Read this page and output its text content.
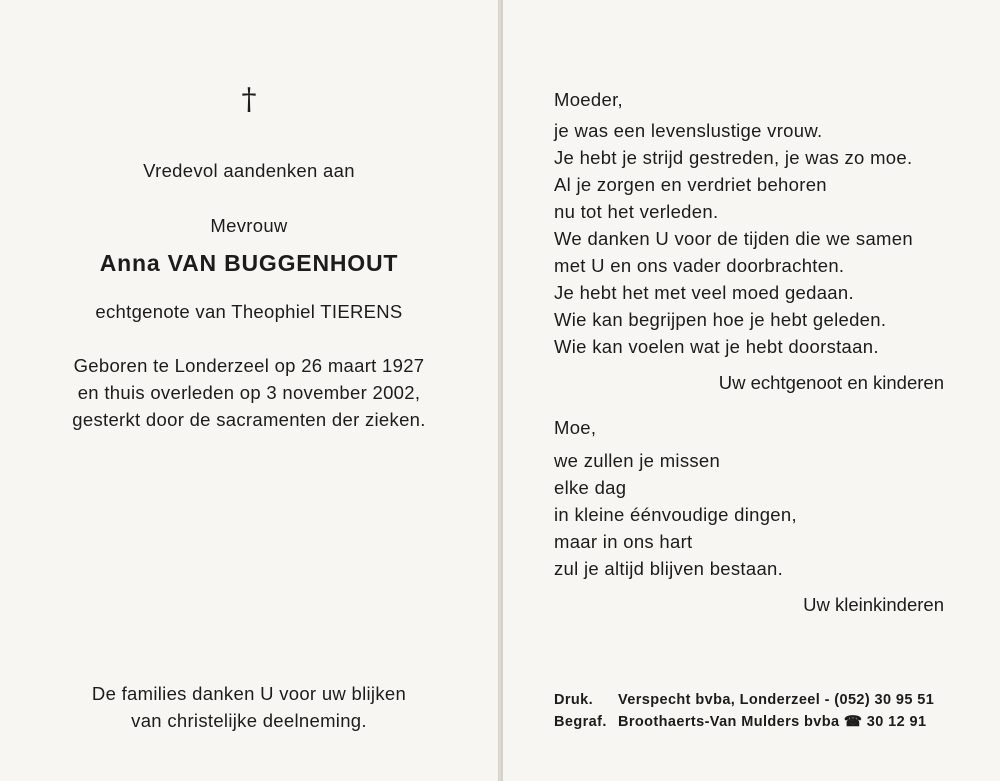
†
Vredevol aandenken aan
Mevrouw
Anna VAN BUGGENHOUT
echtgenote van Theophiel TIERENS
Geboren te Londerzeel op 26 maart 1927
en thuis overleden op 3 november 2002,
gesterkt door de sacramenten der zieken.
De families danken U voor uw blijken
van christelijke deelneming.
Moeder,
je was een levenslustige vrouw.
Je hebt je strijd gestreden, je was zo moe.
Al je zorgen en verdriet behoren
nu tot het verleden.
We danken U voor de tijden die we samen
met U en ons vader doorbrachten.
Je hebt het met veel moed gedaan.
Wie kan begrijpen hoe je hebt geleden.
Wie kan voelen wat je hebt doorstaan.
Uw echtgenoot en kinderen
Moe,
we zullen je missen
elke dag
in kleine éénvoudige dingen,
maar in ons hart
zul je altijd blijven bestaan.
Uw kleinkinderen
Druk. Verspecht bvba, Londerzeel - (052) 30 95 51
Begraf. Broothaerts-Van Mulders bvba ☎ 30 12 91
